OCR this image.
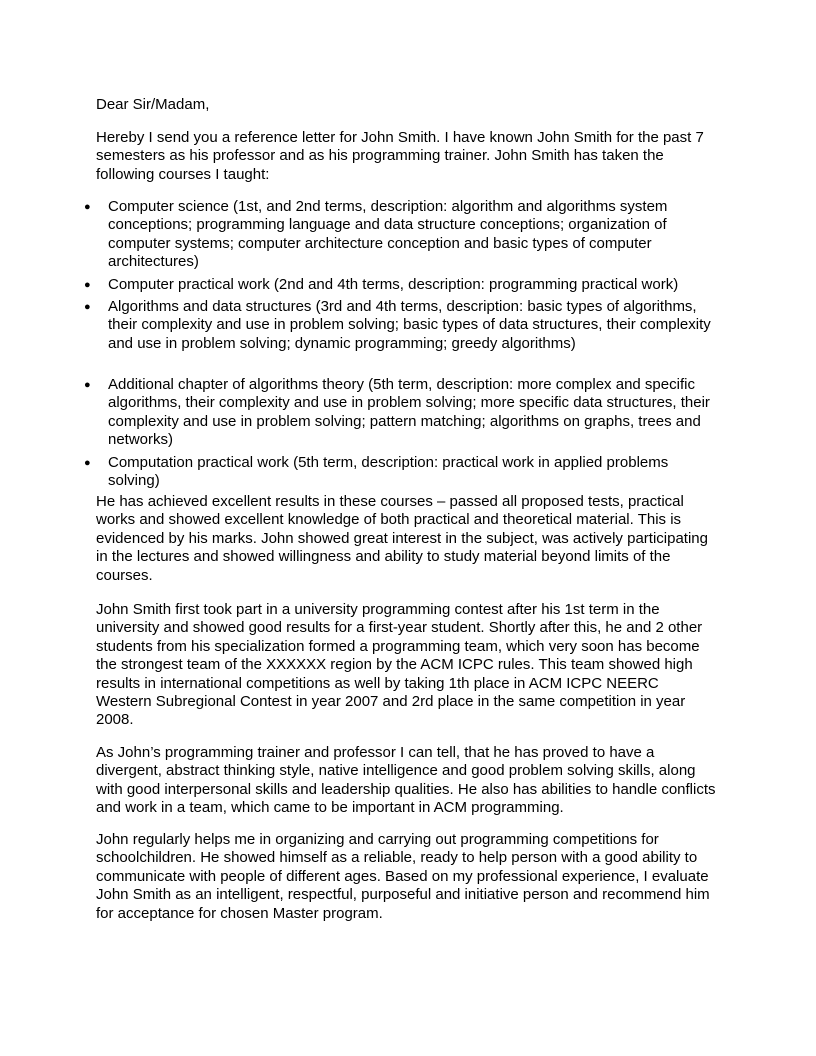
Dear Sir/Madam,

Hereby I send you a reference letter for John Smith. I have known John Smith for the past 7 semesters as his professor and as his programming trainer. John Smith has taken the following courses I taught:

● Computer science (1st, and 2nd terms, description: algorithm and algorithms system conceptions; programming language and data structure conceptions; organization of computer systems; computer architecture conception and basic types of computer architectures)
● Computer practical work (2nd and 4th terms, description: programming practical work)
● Algorithms and data structures (3rd and 4th terms, description: basic types of algorithms, their complexity and use in problem solving; basic types of data structures, their complexity and use in problem solving; dynamic programming; greedy algorithms)
● Additional chapter of algorithms theory (5th term, description: more complex and specific algorithms, their complexity and use in problem solving; more specific data structures, their complexity and use in problem solving; pattern matching; algorithms on graphs, trees and networks)
● Computation practical work (5th term, description: practical work in applied problems solving)

He has achieved excellent results in these courses – passed all proposed tests, practical works and showed excellent knowledge of both practical and theoretical material. This is evidenced by his marks. John showed great interest in the subject, was actively participating in the lectures and showed willingness and ability to study material beyond limits of the courses.

John Smith first took part in a university programming contest after his 1st term in the university and showed good results for a first-year student. Shortly after this, he and 2 other students from his specialization formed a programming team, which very soon has become the strongest team of the XXXXXX region by the ACM ICPC rules. This team showed high results in international competitions as well by taking 1th place in ACM ICPC NEERC Western Subregional Contest in year 2007 and 2rd place in the same competition in year 2008.

As John’s programming trainer and professor I can tell, that he has proved to have a divergent, abstract thinking style, native intelligence and good problem solving skills, along with good interpersonal skills and leadership qualities. He also has abilities to handle conflicts and work in a team, which came to be important in ACM programming.

John regularly helps me in organizing and carrying out programming competitions for schoolchildren. He showed himself as a reliable, ready to help person with a good ability to communicate with people of different ages. Based on my professional experience, I evaluate John Smith as an intelligent, respectful, purposeful and initiative person and recommend him for acceptance for chosen Master program.
